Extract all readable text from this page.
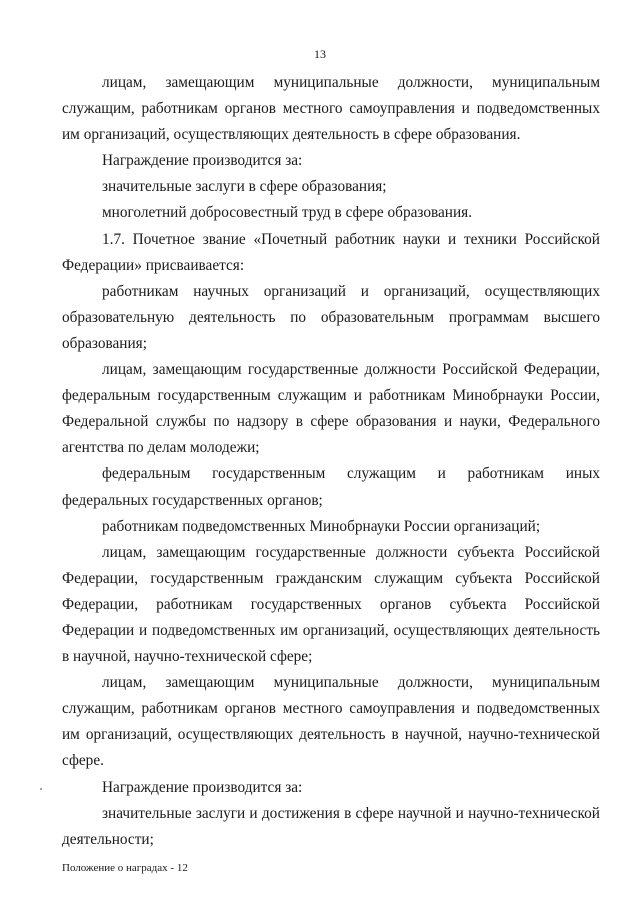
13

лицам, замещающим муниципальные должности, муниципальным служащим, работникам органов местного самоуправления и подведомственных им организаций, осуществляющих деятельность в сфере образования.

Награждение производится за:

значительные заслуги в сфере образования;

многолетний добросовестный труд в сфере образования.

1.7. Почетное звание «Почетный работник науки и техники Российской Федерации» присваивается:

работникам научных организаций и организаций, осуществляющих образовательную деятельность по образовательным программам высшего образования;

лицам, замещающим государственные должности Российской Федерации, федеральным государственным служащим и работникам Минобрнауки России, Федеральной службы по надзору в сфере образования и науки, Федерального агентства по делам молодежи;

федеральным государственным служащим и работникам иных федеральных государственных органов;

работникам подведомственных Минобрнауки России организаций;

лицам, замещающим государственные должности субъекта Российской Федерации, государственным гражданским служащим субъекта Российской Федерации, работникам государственных органов субъекта Российской Федерации и подведомственных им организаций, осуществляющих деятельность в научной, научно-технической сфере;

лицам, замещающим муниципальные должности, муниципальным служащим, работникам органов местного самоуправления и подведомственных им организаций, осуществляющих деятельность в научной, научно-технической сфере.

Награждение производится за:

значительные заслуги и достижения в сфере научной и научно-технической деятельности;

Положение о наградах - 12
